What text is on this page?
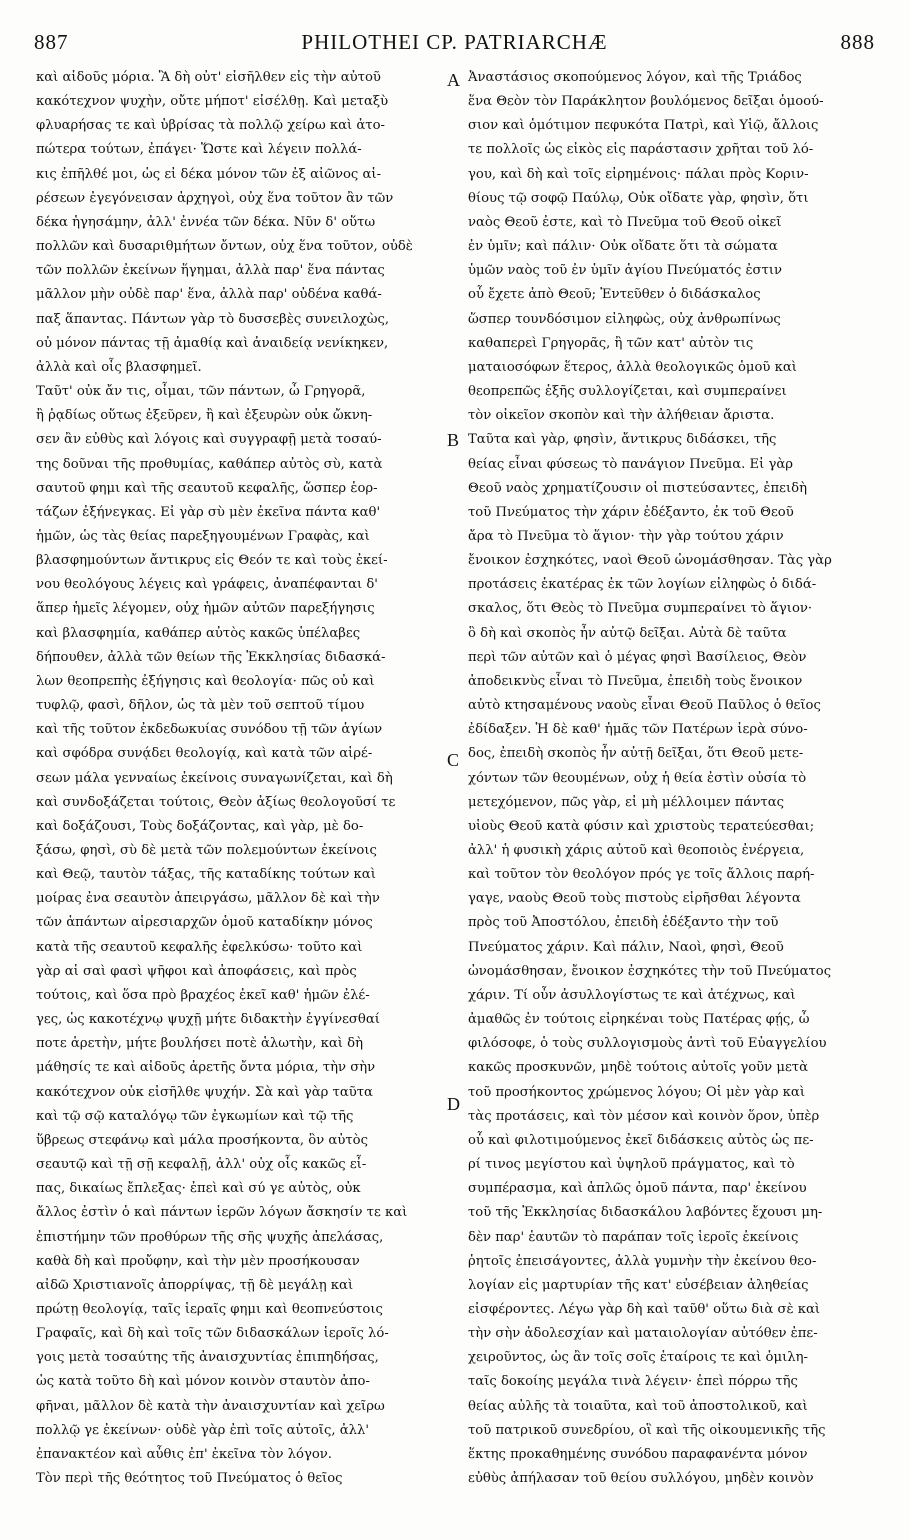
887	PHILOTHEI CP. PATRIARCHÆ	888
A
B
C
D
καὶ αἰδοῦς μόρια. Ἃ δὴ οὐτ' εἰσῆλθεν εἰς τὴν αὐτοῦ
κακότεχνον ψυχὴν, οὔτε μήποτ' εἰσέλθῃ. Καὶ μεταξὺ
φλυαρήσας τε καὶ ὑβρίσας τὰ πολλῷ χείρω καὶ ἀτο-
πώτερα τούτων, ἐπάγει· Ὥστε καὶ λέγειν πολλά-
κις ἐπῆλθέ μοι, ὡς εἰ δέκα μόνον τῶν ἐξ αἰῶνος αἱ-
ρέσεων ἐγεγόνεισαν ἀρχηγοὶ, οὐχ ἕνα τοῦτον ἂν τῶν
δέκα ἡγησάμην, ἀλλ' ἐννέα τῶν δέκα. Νῦν δ' οὕτω
πολλῶν καὶ δυσαριθμήτων ὄντων, οὐχ ἕνα τοῦτον, οὐδὲ
τῶν πολλῶν ἐκείνων ἥγημαι, ἀλλὰ παρ' ἕνα πάντας
μᾶλλον μὴν οὐδὲ παρ' ἕνα, ἀλλὰ παρ' οὐδένα καθά-
παξ ἅπαντας. Πάντων γὰρ τὸ δυσσεβὲς συνειλοχὼς,
οὐ μόνον πάντας τῇ ἀμαθίᾳ καὶ ἀναιδείᾳ νενίκηκεν,
ἀλλὰ καὶ οἷς βλασφημεῖ.
Ταῦτ' οὐκ ἄν τις, οἶμαι, τῶν πάντων, ὦ Γρηγορᾶ,
ἢ ῥᾳδίως οὕτως ἐξεῦρεν, ἢ καὶ ἐξευρὼν οὐκ ὤκνη-
σεν ἂν εὐθὺς καὶ λόγοις καὶ συγγραφῇ μετὰ τοσαύ-
της δοῦναι τῆς προθυμίας, καθάπερ αὐτὸς σὺ, κατὰ
σαυτοῦ φημι καὶ τῆς σεαυτοῦ κεφαλῆς, ὥσπερ ἑορ-
τάζων ἐξήνεγκας. Εἰ γὰρ σὺ μὲν ἐκεῖνα πάντα καθ'
ἡμῶν, ὡς τὰς θείας παρεξηγουμένων Γραφὰς, καὶ
βλασφημούντων ἄντικρυς εἰς Θεόν τε καὶ τοὺς ἐκεί-
νου θεολόγους λέγεις καὶ γράφεις, ἀναπέφανται δ'
ἅπερ ἡμεῖς λέγομεν, οὐχ ἡμῶν αὐτῶν παρεξήγησις
καὶ βλασφημία, καθάπερ αὐτὸς κακῶς ὑπέλαβες
δήπουθεν, ἀλλὰ τῶν θείων τῆς Ἐκκλησίας διδασκά-
λων θεοπρεπὴς ἐξήγησις καὶ θεολογία· πῶς οὐ καὶ
τυφλῷ, φασὶ, δῆλον, ὡς τὰ μὲν τοῦ σεπτοῦ τίμου
καὶ τῆς τοῦτον ἐκδεδωκυίας συνόδου τῇ τῶν ἁγίων
καὶ σφόδρα συνᾴδει θεολογίᾳ, καὶ κατὰ τῶν αἱρέ-
σεων μάλα γενναίως ἐκείνοις συναγωνίζεται, καὶ δὴ
καὶ συνδοξάζεται τούτοις, Θεὸν ἀξίως θεολογοῦσί τε
καὶ δοξάζουσι, Τοὺς δοξάζοντας, καὶ γὰρ, μὲ δο-
ξάσω, φησὶ, σὺ δὲ μετὰ τῶν πολεμούντων ἐκείνοις
καὶ Θεῷ, ταυτὸν τάξας, τῆς καταδίκης τούτων καὶ
μοίρας ἐνα σεαυτὸν ἀπειργάσω, μᾶλλον δὲ καὶ τὴν
τῶν ἁπάντων αἱρεσιαρχῶν ὁμοῦ καταδίκην μόνος
κατὰ τῆς σεαυτοῦ κεφαλῆς ἐφελκύσω· τοῦτο καὶ
γὰρ αἱ σαὶ φασὶ ψῆφοι καὶ ἀποφάσεις, καὶ πρὸς
τούτοις, καὶ ὅσα πρὸ βραχέος ἐκεῖ καθ' ἡμῶν ἐλέ-
γες, ὡς κακοτέχνῳ ψυχῇ μήτε διδακτὴν ἐγγίνεσθαί
ποτε ἀρετὴν, μήτε βουλήσει ποτὲ ἁλωτὴν, καὶ δὴ
μάθησίς τε καὶ αἰδοῦς ἀρετῆς ὄντα μόρια, τὴν σὴν
κακότεχνον οὐκ εἰσῆλθε ψυχήν. Σὰ καὶ γὰρ ταῦτα
καὶ τῷ σῷ καταλόγῳ τῶν ἐγκωμίων καὶ τῷ τῆς
ὕβρεως στεφάνῳ καὶ μάλα προσήκοντα, ὃν αὐτὸς
σεαυτῷ καὶ τῇ σῇ κεφαλῇ, ἀλλ' οὐχ οἷς κακῶς εἶ-
πας, δικαίως ἔπλεξας· ἐπεὶ καὶ σύ γε αὐτὸς, οὐκ
ἄλλος ἐστὶν ὁ καὶ πάντων ἱερῶν λόγων ἄσκησίν τε καὶ
ἐπιστήμην τῶν προθύρων τῆς σῆς ψυχῆς ἀπελάσας,
καθὰ δὴ καὶ προὔφην, καὶ τὴν μὲν προσήκουσαν
αἰδῶ Χριστιανοῖς ἀπορρίψας, τῇ δὲ μεγάλῃ καὶ
πρώτῃ θεολογίᾳ, ταῖς ἱεραῖς φημι καὶ θεοπνεύστοις
Γραφαῖς, καὶ δὴ καὶ τοῖς τῶν διδασκάλων ἱεροῖς λό-
γοις μετὰ τοσαύτης τῆς ἀναισχυντίας ἐπιπηδήσας,
ὡς κατὰ τοῦτο δὴ καὶ μόνον κοινὸν σταυτὸν ἀπο-
φῆναι, μᾶλλον δὲ κατὰ τὴν ἀναισχυντίαν καὶ χεῖρω
πολλῷ γε ἐκείνων· οὐδὲ γὰρ ἐπὶ τοῖς αὐτοῖς, ἀλλ'
ἐπανακτέον καὶ αὖθις ἐπ' ἐκεῖνα τὸν λόγον.
Τὸν περὶ τῆς θεότητος τοῦ Πνεύματος ὁ θεῖος
Ἀναστάσιος σκοπούμενος λόγον, καὶ τῆς Τριάδος
ἕνα Θεὸν τὸν Παράκλητον βουλόμενος δεῖξαι ὁμοού-
σιον καὶ ὁμότιμον πεφυκότα Πατρὶ, καὶ Υἱῷ, ἄλλοις
τε πολλοῖς ὡς εἰκὸς εἰς παράστασιν χρῆται τοῦ λό-
γου, καὶ δὴ καὶ τοῖς εἰρημένοις· πάλαι πρὸς Κοριν-
θίους τῷ σοφῷ Παύλῳ, Οὐκ οἴδατε γὰρ, φησὶν, ὅτι
ναὸς Θεοῦ ἐστε, καὶ τὸ Πνεῦμα τοῦ Θεοῦ οἰκεῖ
ἐν ὑμῖν; καὶ πάλιν· Οὐκ οἴδατε ὅτι τὰ σώματα
ὑμῶν ναὸς τοῦ ἐν ὑμῖν ἁγίου Πνεύματός ἐστιν
οὗ ἔχετε ἀπὸ Θεοῦ; Ἐντεῦθεν ὁ διδάσκαλος
ὥσπερ τουνδόσιμον εἰληφὼς, οὐχ ἀνθρωπίνως
καθαπερεὶ Γρηγορᾶς, ἢ τῶν κατ' αὐτὸν τις
ματαιοσόφων ἕτερος, ἀλλὰ θεολογικῶς ὁμοῦ καὶ
θεοπρεπῶς ἑξῆς συλλογίζεται, καὶ συμπεραίνει
τὸν οἰκεῖον σκοπὸν καὶ τὴν ἀλήθειαν ἄριστα.
Ταῦτα καὶ γὰρ, φησὶν, ἄντικρυς διδάσκει, τῆς
θείας εἶναι φύσεως τὸ πανάγιον Πνεῦμα. Εἰ γὰρ
Θεοῦ ναὸς χρηματίζουσιν οἱ πιστεύσαντες, ἐπειδὴ
τοῦ Πνεύματος τὴν χάριν ἐδέξαντο, ἐκ τοῦ Θεοῦ
ἄρα τὸ Πνεῦμα τὸ ἅγιον· τὴν γὰρ τούτου χάριν
ἔνοικον ἐσχηκότες, ναοὶ Θεοῦ ὠνομάσθησαν. Τὰς γὰρ
προτάσεις ἑκατέρας ἐκ τῶν λογίων εἰληφὼς ὁ διδά-
σκαλος, ὅτι Θεὸς τὸ Πνεῦμα συμπεραίνει τὸ ἅγιον·
ὃ δὴ καὶ σκοπὸς ἦν αὐτῷ δεῖξαι. Αὐτὰ δὲ ταῦτα
περὶ τῶν αὐτῶν καὶ ὁ μέγας φησὶ Βασίλειος, Θεὸν
ἀποδεικνὺς εἶναι τὸ Πνεῦμα, ἐπειδὴ τοὺς ἔνοικον
αὐτὸ κτησαμένους ναοὺς εἶναι Θεοῦ Παῦλος ὁ θεῖος
ἐδίδαξεν. Ἡ δὲ καθ' ἡμᾶς τῶν Πατέρων ἱερὰ σύνο-
δος, ἐπειδὴ σκοπὸς ἦν αὐτῇ δεῖξαι, ὅτι Θεοῦ μετε-
χόντων τῶν θεουμένων, οὐχ ἡ θεία ἐστὶν οὐσία τὸ
μετεχόμενον, πῶς γὰρ, εἰ μὴ μέλλοιμεν πάντας
υἱοὺς Θεοῦ κατὰ φύσιν καὶ χριστοὺς τερατεύεσθαι;
ἀλλ' ἡ φυσικὴ χάρις αὐτοῦ καὶ θεοποιὸς ἐνέργεια,
καὶ τοῦτον τὸν θεολόγον πρός γε τοῖς ἄλλοις παρή-
γαγε, ναοὺς Θεοῦ τοὺς πιστοὺς εἰρῆσθαι λέγοντα
πρὸς τοῦ Ἀποστόλου, ἐπειδὴ ἐδέξαντο τὴν τοῦ
Πνεύματος χάριν. Καὶ πάλιν, Ναοὶ, φησὶ, Θεοῦ
ὠνομάσθησαν, ἔνοικον ἐσχηκότες τὴν τοῦ Πνεύματος
χάριν. Τί οὖν ἀσυλλογίστως τε καὶ ἀτέχνως, καὶ
ἀμαθῶς ἐν τούτοις εἰρηκέναι τοὺς Πατέρας φῄς, ὦ
φιλόσοφε, ὁ τοὺς συλλογισμοὺς ἀντὶ τοῦ Εὐαγγελίου
κακῶς προσκυνῶν, μηδὲ τούτοις αὐτοῖς γοῦν μετὰ
τοῦ προσήκοντος χρώμενος λόγου; Οἱ μὲν γὰρ καὶ
τὰς προτάσεις, καὶ τὸν μέσον καὶ κοινὸν ὅρον, ὑπὲρ
οὗ καὶ φιλοτιμούμενος ἐκεῖ διδάσκεις αὐτὸς ὡς πε-
ρί τινος μεγίστου καὶ ὑψηλοῦ πράγματος, καὶ τὸ
συμπέρασμα, καὶ ἁπλῶς ὁμοῦ πάντα, παρ' ἐκείνου
τοῦ τῆς Ἐκκλησίας διδασκάλου λαβόντες ἔχουσι μη-
δὲν παρ' ἑαυτῶν τὸ παράπαν τοῖς ἱεροῖς ἐκείνοις
ῥητοῖς ἐπεισάγοντες, ἀλλὰ γυμνὴν τὴν ἐκείνου θεο-
λογίαν εἰς μαρτυρίαν τῆς κατ' εὐσέβειαν ἀληθείας
εἰσφέροντες. Λέγω γὰρ δὴ καὶ ταῦθ' οὕτω διὰ σὲ καὶ
τὴν σὴν ἀδολεσχίαν καὶ ματαιολογίαν αὐτόθεν ἐπε-
χειροῦντος, ὡς ἂν τοῖς σοῖς ἑταίροις τε καὶ ὁμιλη-
ταῖς δοκοίης μεγάλα τινὰ λέγειν· ἐπεὶ πόρρω τῆς
θείας αὐλῆς τὰ τοιαῦτα, καὶ τοῦ ἀποστολικοῦ, καὶ
τοῦ πατρικοῦ συνεδρίου, οἳ καὶ τῆς οἰκουμενικῆς τῆς
ἕκτης προκαθημένης συνόδου παραφανέντα μόνον
εὐθὺς ἀπήλασαν τοῦ θείου συλλόγου, μηδὲν κοινὸν
